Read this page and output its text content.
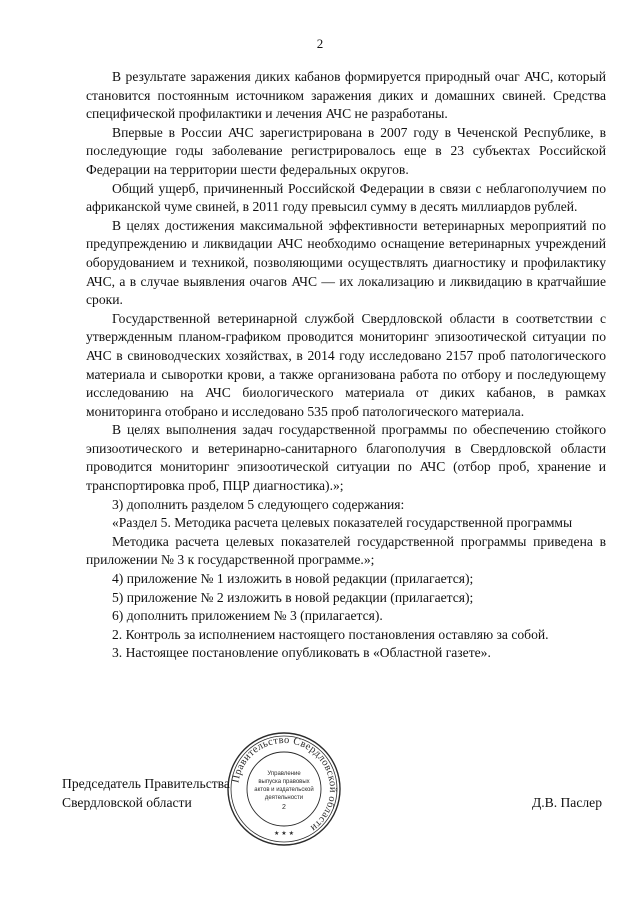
2

В результате заражения диких кабанов формируется природный очаг АЧС, который становится постоянным источником заражения диких и домашних свиней. Средства специфической профилактики и лечения АЧС не разработаны.

Впервые в России АЧС зарегистрирована в 2007 году в Чеченской Республике, в последующие годы заболевание регистрировалось еще в 23 субъектах Российской Федерации на территории шести федеральных округов.

Общий ущерб, причиненный Российской Федерации в связи с неблагополучием по африканской чуме свиней, в 2011 году превысил сумму в десять миллиардов рублей.

В целях достижения максимальной эффективности ветеринарных мероприятий по предупреждению и ликвидации АЧС необходимо оснащение ветеринарных учреждений оборудованием и техникой, позволяющими осуществлять диагностику и профилактику АЧС, а в случае выявления очагов АЧС — их локализацию и ликвидацию в кратчайшие сроки.

Государственной ветеринарной службой Свердловской области в соответствии с утвержденным планом-графиком проводится мониторинг эпизоотической ситуации по АЧС в свиноводческих хозяйствах, в 2014 году исследовано 2157 проб патологического материала и сыворотки крови, а также организована работа по отбору и последующему исследованию на АЧС биологического материала от диких кабанов, в рамках мониторинга отобрано и исследовано 535 проб патологического материала.

В целях выполнения задач государственной программы по обеспечению стойкого эпизоотического и ветеринарно-санитарного благополучия в Свердловской области проводится мониторинг эпизоотической ситуации по АЧС (отбор проб, хранение и транспортировка проб, ПЦР диагностика).»;

3) дополнить разделом 5 следующего содержания:

«Раздел 5. Методика расчета целевых показателей государственной программы

Методика расчета целевых показателей государственной программы приведена в приложении № 3 к государственной программе.»;

4) приложение № 1 изложить в новой редакции (прилагается);

5) приложение № 2 изложить в новой редакции (прилагается);

6) дополнить приложением № 3 (прилагается).

2. Контроль за исполнением настоящего постановления оставляю за собой.

3. Настоящее постановление опубликовать в «Областной газете».

Правительство Свердловской области
Управление
выпуска правовых
актов и издательской
деятельности
2
★ ★ ★
Председатель Правительства
Свердловской области	Д.В. Паслер
